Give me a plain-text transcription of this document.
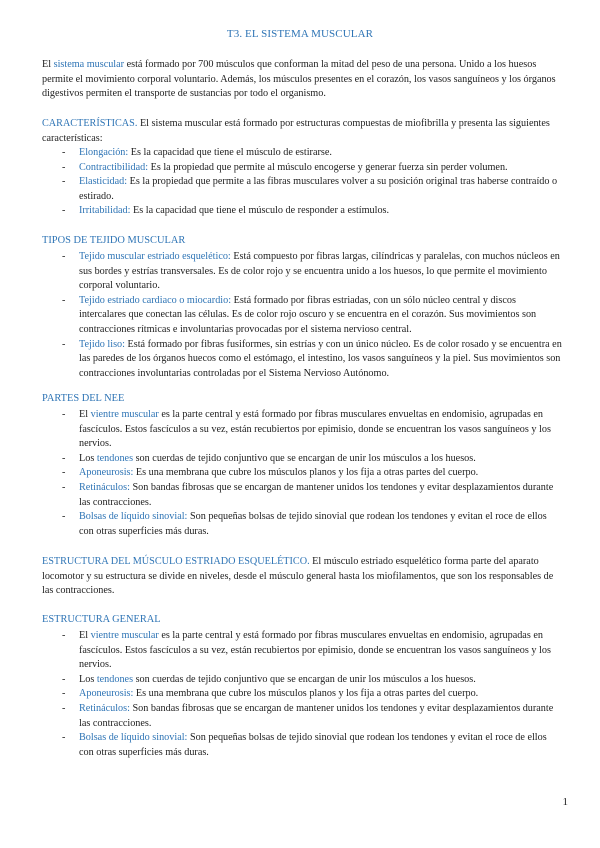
T3. EL SISTEMA MUSCULAR

El sistema muscular está formado por 700 músculos que conforman la mitad del peso de una persona. Unido a los huesos permite el movimiento corporal voluntario. Además, los músculos presentes en el corazón, los vasos sanguíneos y los órganos digestivos permiten el transporte de sustancias por todo el organismo.

CARACTERÍSTICAS. El sistema muscular está formado por estructuras compuestas de miofibrilla y presenta las siguientes características:

- Elongación: Es la capacidad que tiene el músculo de estirarse.
- Contractibilidad: Es la propiedad que permite al músculo encogerse y generar fuerza sin perder volumen.
- Elasticidad: Es la propiedad que permite a las fibras musculares volver a su posición original tras haberse contraído o estirado.
- Irritabilidad: Es la capacidad que tiene el músculo de responder a estímulos.
TIPOS DE TEJIDO MUSCULAR
- Tejido muscular estriado esquelético: Está compuesto por fibras largas, cilíndricas y paralelas, con muchos núcleos en sus bordes y estrías transversales. Es de color rojo y se encuentra unido a los huesos, lo que permite el movimiento corporal voluntario.
- Tejido estriado cardiaco o miocardio: Está formado por fibras estriadas, con un sólo núcleo central y discos intercalares que conectan las células. Es de color rojo oscuro y se encuentra en el corazón. Sus movimientos son contracciones rítmicas e involuntarias provocadas por el sistema nervioso central.
- Tejido liso: Está formado por fibras fusiformes, sin estrías y con un único núcleo. Es de color rosado y se encuentra en las paredes de los órganos huecos como el estómago, el intestino, los vasos sanguíneos y la piel. Sus movimientos son contracciones involuntarias controladas por el Sistema Nervioso Autónomo.
PARTES DEL NEE
- El vientre muscular es la parte central y está formado por fibras musculares envueltas en endomisio, agrupadas en fascículos. Estos fascículos a su vez, están recubiertos por epimisio, donde se encuentran los vasos sanguíneos y los nervios.
- Los tendones son cuerdas de tejido conjuntivo que se encargan de unir los músculos a los huesos.
- Aponeurosis: Es una membrana que cubre los músculos planos y los fija a otras partes del cuerpo.
- Retináculos: Son bandas fibrosas que se encargan de mantener unidos los tendones y evitar desplazamientos durante las contracciones.
- Bolsas de líquido sinovial: Son pequeñas bolsas de tejido sinovial que rodean los tendones y evitan el roce de ellos con otras superficies más duras.

ESTRUCTURA DEL MÚSCULO ESTRIADO ESQUELÉTICO. El músculo estriado esquelético forma parte del aparato locomotor y su estructura se divide en niveles, desde el músculo general hasta los miofilamentos, que son los responsables de las contracciones.

ESTRUCTURA GENERAL
- El vientre muscular es la parte central y está formado por fibras musculares envueltas en endomisio, agrupadas en fascículos. Estos fascículos a su vez, están recubiertos por epimisio, donde se encuentran los vasos sanguíneos y los nervios.
- Los tendones son cuerdas de tejido conjuntivo que se encargan de unir los músculos a los huesos.
- Aponeurosis: Es una membrana que cubre los músculos planos y los fija a otras partes del cuerpo.
- Retináculos: Son bandas fibrosas que se encargan de mantener unidos los tendones y evitar desplazamientos durante las contracciones.
- Bolsas de líquido sinovial: Son pequeñas bolsas de tejido sinovial que rodean los tendones y evitan el roce de ellos con otras superficies más duras.
1
